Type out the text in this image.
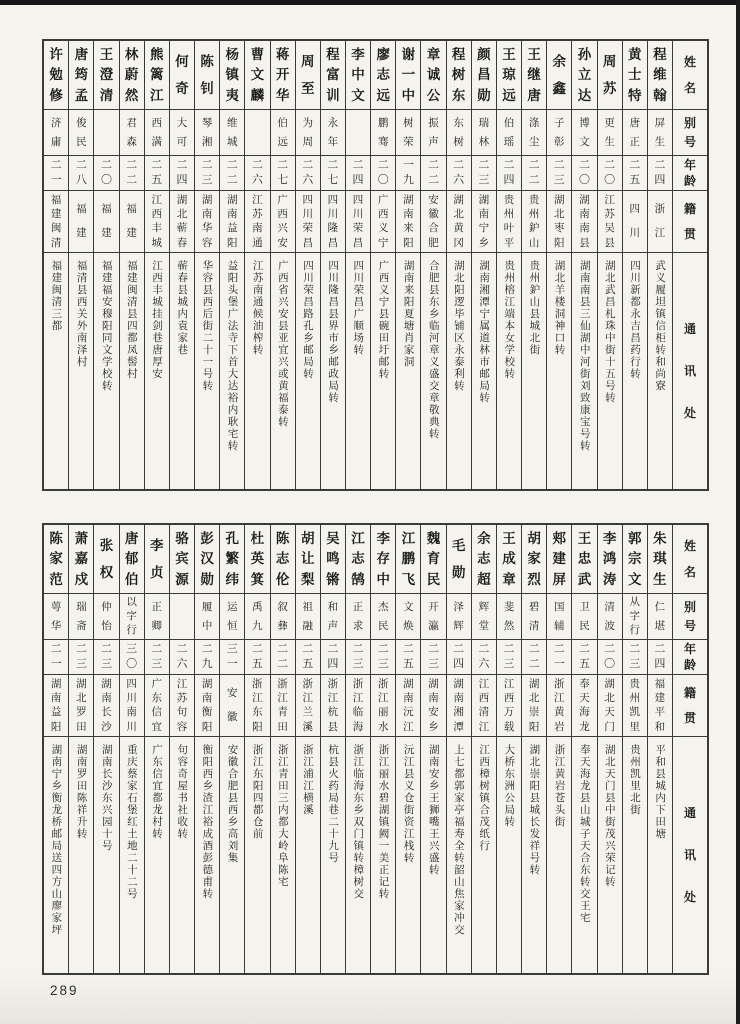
姓
名
别
号
年
龄
籍
贯
通
讯
处
程
维
翰
屏
生
二
四
浙
江
武义履坦镇信柜转和尚寮
黄
士
特
唐
正
二
五
四
川
四川新都永吉昌药行转
周
苏
更
生
二
〇
江
苏
吴
县
湖北武昌札珠中街十五号转
孙
立
达
博
文
二
〇
湖
南
南
县
湖南南县三仙湖中河街刘致康宝号转
余
鑫
子
彰
二
三
湖
北
枣
阳
湖北羊楼洞神口转
王
继
唐
涤
尘
二
二
贵
州
鈩
山
贵州鈩山县城北街
王
琼
远
伯
瑶
二
四
贵
州
叶
平
贵州榕江端本女学校转
颜
昌
勋
瑞
林
二
三
湖
南
宁
乡
湖南湘潭宁属道林市邮局转
程
树
东
东
树
二
六
湖
北
黄
冈
湖北阳逻毕铺区永泰利转
章
诚
公
振
声
二
二
安
徽
合
肥
合肥县东乡临河章义盛交章敬典转
谢
一
中
树
荣
一
九
湖
南
来
阳
湖南来阳夏塘肖家洞
廖
志
远
鹏
骞
二
〇
广
西
义
宁
广西义宁县碗田圩邮转
李
中
文
二
四
四
川
荣
昌
四川荣昌广顺场转
程
富
训
永
年
二
七
四
川
隆
昌
四川隆昌县界市乡邮政局转
周
至
为
周
二
六
四
川
荣
昌
四川荣昌路孔乡邮局转
蒋
开
华
伯
远
二
七
广
西
兴
安
广西省兴安县亚宜兴或黄福泰转
曹
文
麟
二
六
江
苏
南
通
江苏南通候油榨转
杨
镇
夷
维
城
二
二
湖
南
益
阳
益阳头堡广法寺下首大达裕内耿宅转
陈
钊
琴
湘
二
三
湖
南
华
容
华容县西后街二十一号转
何
奇
大
可
二
四
湖
北
蕲
春
蕲春县城内袁家巷
熊
篱
江
西
满
二
五
江
西
丰
城
江西丰城挂剑巷唐厚安
林
蔚
然
君
森
二
二
福
建
福建闽清县四都凤髻村
王
澄
清
二
〇
福
建
福建福安穆阳同文学校转
唐
筠
孟
俊
民
二
八
福
建
福清县西关外南泽村
许
勉
修
济
庸
二
一
福
建
闽
清
福建闽清三都
姓
名
别
号
年
龄
籍
贯
通
讯
处
朱
琪
生
仁
堪
二
四
福
建
平
和
平和县城内下田塘
郭
宗
文
从
字
行
二
三
贵
州
凯
里
贵州凯里北街
李
鸿
涛
清
波
二
〇
湖
北
天
门
湖北天门县中街茂兴荣记转
王
忠
武
卫
民
二
五
奉
天
海
龙
奉天海龙县山城子天合东转交王宅
郏
建
屏
国
辅
二
一
浙
江
黄
岩
浙江黄岩苍头街
胡
家
烈
碧
清
二
二
湖
北
崇
阳
湖北崇阳县城长发祥号转
王
成
章
斐
然
二
三
江
西
万
载
大桥东洲公局转
余
志
超
辉
堂
二
六
江
西
清
江
江西樟树镇合茂纸行
毛
勋
泽
辉
二
四
湖
南
湘
潭
上七都郭家亭福寿全转韶山焦家冲交
魏
育
民
开
瀛
二
三
湖
南
安
乡
湖南安乡王狮嘴王兴盛转
江
鹏
飞
文
焕
二
五
湖
南
沅
江
沅江县义仓街资江栈转
李
存
中
杰
民
二
三
浙
江
丽
水
浙江丽水碧湖镇阙一美正记转
江
志
鹄
正
求
二
三
浙
江
临
海
浙江临海东乡双门镇转樟树交
吴
鸣
锵
和
声
二
四
浙
江
杭
县
杭县火药局巷二十九号
胡
让
梨
祖
融
二
五
浙
江
兰
溪
浙江浦江横溪
陈
志
伦
叙
彝
二
二
浙
江
青
田
浙江青田三内都大岭阜陈宅
杜
英
箕
禹
九
二
五
浙
江
东
阳
浙江东阳四都仓前
孔
繁
纬
运
恒
三
一
安
徽
安徽合肥县西乡高刘集
彭
汉
勋
履
中
二
九
湖
南
衡
阳
衡阳西乡渣江裕成酒彭德甫转
骆
宾
源
二
六
江
苏
句
容
句容奇屋书社收转
李
贞
正
卿
二
三
广
东
信
宜
广东信宜都龙村转
唐
郁
伯
以
字
行
三
〇
四
川
南
川
重庆蔡家石堡红土地二十二号
张
权
仲
怡
二
三
湖
南
长
沙
湖南长沙东兴园十号
萧
嘉
戍
瑞
斋
二
三
湖
北
罗
田
湖南罗田陈祥升转
陈
家
范
萼
华
二
一
湖
南
益
阳
湖南宁乡衡龙桥邮局送四方山廖家坪
289
